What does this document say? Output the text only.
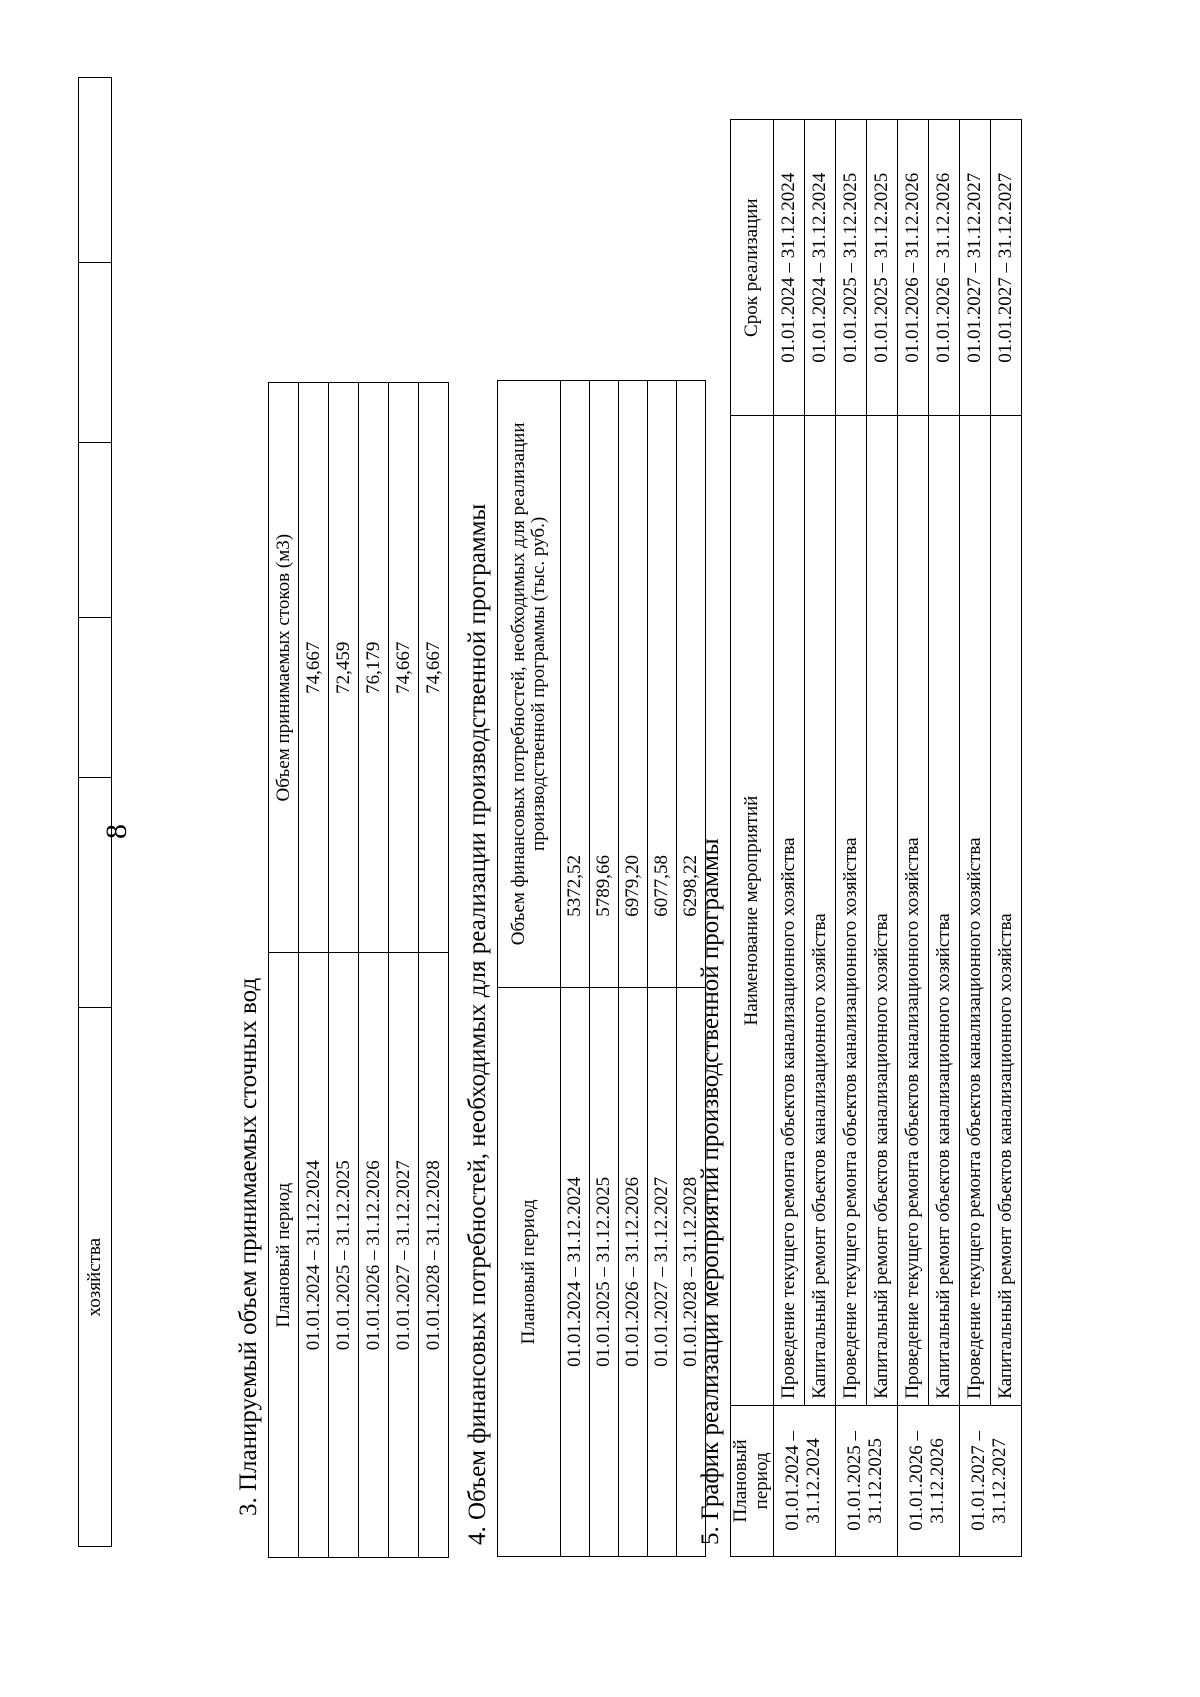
8
хозяйства						3. Планируемый объем принимаемых сточных вод Плановый период	Объем принимаемых стоков (м3)
01.01.2024 – 31.12.2024	74,667
01.01.2025 – 31.12.2025	72,459
01.01.2026 – 31.12.2026	76,179
01.01.2027 – 31.12.2027	74,667
01.01.2028 – 31.12.2028	74,667 4. Объем финансовых потребностей, необходимых для реализации производственной программы Плановый период	Объем финансовых потребностей, необходимых для реализации производственной программы (тыс. руб.)
01.01.2024 – 31.12.2024	5372,52
01.01.2025 – 31.12.2025	5789,66
01.01.2026 – 31.12.2026	6979,20
01.01.2027 – 31.12.2027	6077,58
01.01.2028 – 31.12.2028	6298,22
5. График реализации мероприятий производственной программы Плановый период	Наименование мероприятий	Срок реализации
01.01.2024 – 31.12.2024	Проведение текущего ремонта объектов канализационного хозяйства	01.01.2024 – 31.12.2024
	Капитальный ремонт объектов канализационного хозяйства	01.01.2024 – 31.12.2024
01.01.2025 – 31.12.2025	Проведение текущего ремонта объектов канализационного хозяйства	01.01.2025 – 31.12.2025
	Капитальный ремонт объектов канализационного хозяйства	01.01.2025 – 31.12.2025
01.01.2026 – 31.12.2026	Проведение текущего ремонта объектов канализационного хозяйства	01.01.2026 – 31.12.2026
	Капитальный ремонт объектов канализационного хозяйства	01.01.2026 – 31.12.2026
01.01.2027 – 31.12.2027	Проведение текущего ремонта объектов канализационного хозяйства	01.01.2027 – 31.12.2027
	Капитальный ремонт объектов канализационного хозяйства	01.01.2027 – 31.12.2027
